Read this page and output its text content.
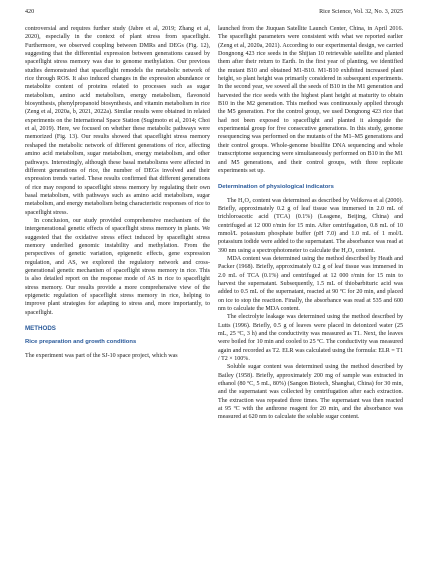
420	Rice Science, Vol. 32, No. 3, 2025

controversial and requires further study (Jabre et al, 2019; Zhang et al, 2020), especially in the context of plant stress from spaceflight. Furthermore, we observed coupling between DMRs and DEGs (Fig. 12), suggesting that the differential expression between generations caused by spaceflight stress memory was due to genome methylation. Our previous studies demonstrated that spaceflight remodels the metabolic network of rice through ROS. It also induced changes in the expression abundance or metabolite content of proteins related to processes such as sugar metabolism, amino acid metabolism, energy metabolism, flavonoid biosynthesis, phenylpropanoid biosynthesis, and vitamin metabolism in rice (Zeng et al, 2020a, b, 2021, 2022a). Similar results were obtained in related experiments on the International Space Station (Sugimoto et al, 2014; Choi et al, 2019). Here, we focused on whether these metabolic pathways were memorized (Fig. 13). Our results showed that spaceflight stress memory reshaped the metabolic network of different generations of rice, affecting amino acid metabolism, sugar metabolism, energy metabolism, and other pathways. Interestingly, although these basal metabolisms were affected in different generations of rice, the number of DEGs involved and their expression trends varied. These results confirmed that different generations of rice may respond to spaceflight stress memory by regulating their own basal metabolism, with pathways such as amino acid metabolism, sugar metabolism, and energy metabolism being characteristic responses of rice to spaceflight stress.

In conclusion, our study provided comprehensive mechanism of the intergenerational genetic effects of spaceflight stress memory in plants. We suggested that the oxidative stress effect induced by spaceflight stress memory underlied genomic instability and methylation. From the perspectives of genetic variation, epigenetic effects, gene expression regulation, and AS, we explored the regulatory network and cross-generational genetic mechanism of spaceflight stress memory in rice. This is also detailed report on the response mode of AS in rice to spaceflight stress memory. Our results provide a more comprehensive view of the epigenetic regulation of spaceflight stress memory in rice, helping to improve plant strategies for adapting to stress and, more importantly, to spaceflight.

METHODS
Rice preparation and growth conditions

The experiment was part of the SJ-10 space project, which was

launched from the Jiuquan Satellite Launch Center, China, in April 2016. The spaceflight parameters were consistent with what we reported earlier (Zeng et al, 2020a, 2021). According to our experimental design, we carried Dongnong 423 rice seeds in the Shijian 10 retrievable satellite and planted them after their return to Earth. In the first year of planting, we identified the mutant B10 and obtained M1-B10. M1-B10 exhibited increased plant height, so plant height was primarily considered in subsequent experiments. In the second year, we sowed all the seeds of B10 in the M1 generation and harvested the rice seeds with the highest plant height at maturity to obtain B10 in the M2 generation. This method was continuously applied through the M5 generation. For the control group, we used Dongnong 423 rice that had not been exposed to spaceflight and planted it alongside the experimental group for five consecutive generations. In this study, genome resequencing was performed on the mutants of the M1–M5 generations and their control groups. Whole-genome bisulfite DNA sequencing and whole transcriptome sequencing were simultaneously performed on B10 in the M1 and M5 generations, and their control groups, with three replicate experiments set up.

Determination of physiological indicators

The H₂O₂ content was determined as described by Velikova et al (2000). Briefly, approximately 0.2 g of leaf tissue was immersed in 2.0 mL of trichloroacetic acid (TCA) (0.1%) (Leagene, Beijing, China) and centrifuged at 12 000 r/min for 15 min. After centrifugation, 0.8 mL of 10 mmol/L potassium phosphate buffer (pH 7.0) and 1.0 mL of 1 mol/L potassium iodide were added to the supernatant. The absorbance was read at 390 nm using a spectrophotometer to calculate the H₂O₂ content.

MDA content was determined using the method described by Heath and Packer (1968). Briefly, approximately 0.2 g of leaf tissue was immersed in 2.0 mL of TCA (0.1%) and centrifuged at 12 000 r/min for 15 min to harvest the supernatant. Subsequently, 1.5 mL of thiobarbituric acid was added to 0.5 mL of the supernatant, reacted at 90 ºC for 20 min, and placed on ice to stop the reaction. Finally, the absorbance was read at 535 and 600 nm to calculate the MDA content.

The electrolyte leakage was determined using the method described by Lutts (1996). Briefly, 0.5 g of leaves were placed in deionized water (25 mL, 25 ºC, 3 h) and the conductivity was measured as T1. Next, the leaves were boiled for 10 min and cooled to 25 ºC. The conductivity was measured again and recorded as T2. ELR was calculated using the formula: ELR = T1 / T2 × 100%.

Soluble sugar content was determined using the method described by Bailey (1958). Briefly, approximately 200 mg of sample was extracted in ethanol (80 ºC, 5 mL, 80%) (Sangon Biotech, Shanghai, China) for 30 min, and the supernatant was collected by centrifugation after each extraction. The extraction was repeated three times. The supernatant was then reacted at 95 ºC with the anthrone reagent for 20 min, and the absorbance was measured at 620 nm to calculate the soluble sugar content.
